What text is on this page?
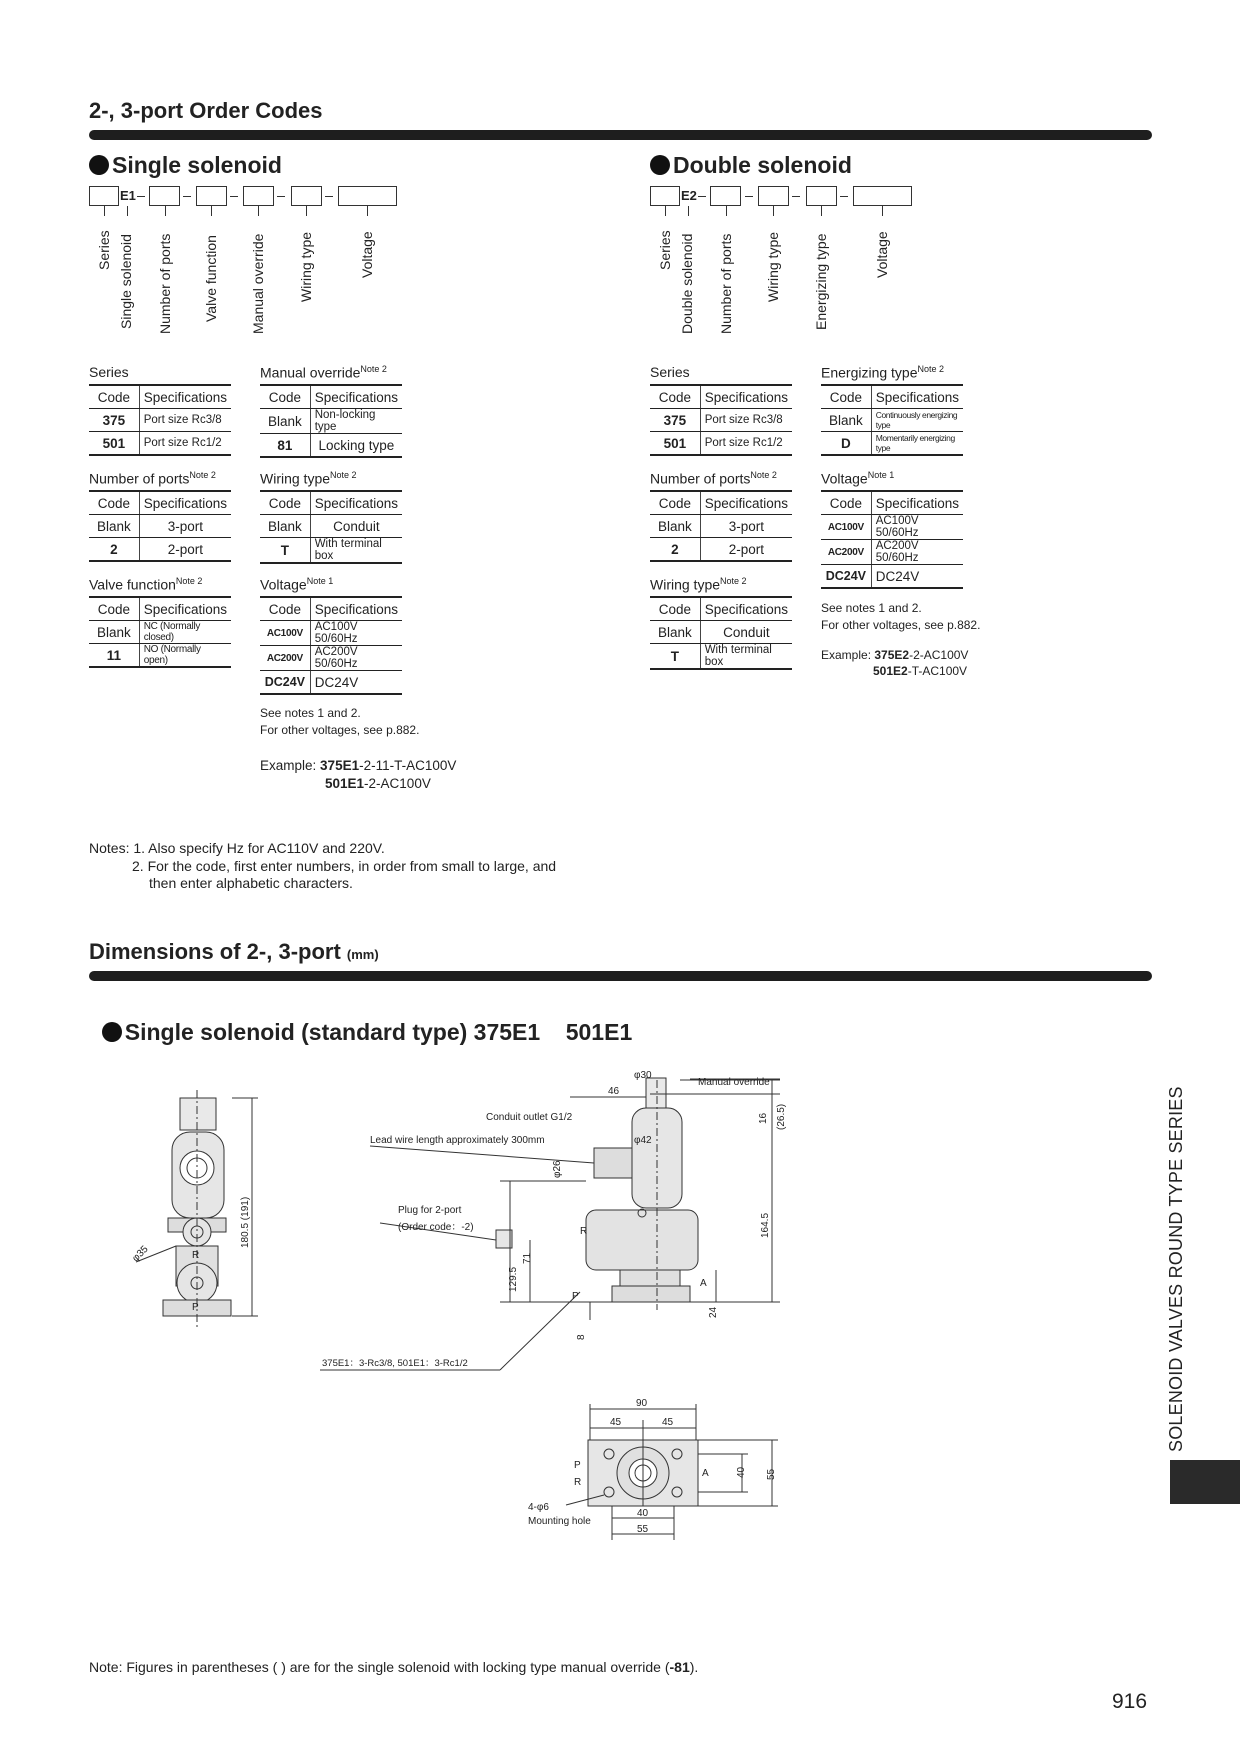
2-, 3-port Order Codes
Single solenoid
E1
Series Single solenoid Number of ports Valve function Manual override Wiring type	Voltage
Series
Code	Specifications
375	Port size Rc3/8
501	Port size Rc1/2
Number of ports$^{Note 2}$
Code	Specifications
Blank	3-port
2	2-port
Valve function$^{Note 2}$
Code	Specifications
Blank	NC (Normally closed)
11	NO (Normally open)
Manual override$^{Note 2}$
Code	Specifications
Blank	Non-locking type
81	Locking type
Wiring type$^{Note 2}$
Code	Specifications
Blank	Conduit
T	With terminal box
Voltage$^{Note 1}$
Code	Specifications
AC100V	AC100V 50/60Hz
AC200V	AC200V 50/60Hz
DC24V	DC24V
See notes 1 and 2.
For other voltages, see p.882.
Example: 375E1-2-11-T-AC100V
501E1-2-AC100V
Double solenoid
E2
Series Double solenoid Number of ports Wiring type Energizing type	Voltage
Series
Code	Specifications
375	Port size Rc3/8
501	Port size Rc1/2
Number of ports$^{Note 2}$
Code	Specifications
Blank	3-port
2	2-port
Wiring type$^{Note 2}$
Code	Specifications
Blank	Conduit
T	With terminal box
Energizing type$^{Note 2}$
Code	Specifications
Blank	Continuously energizing type
D	Momentarily energizing type
Voltage$^{Note 1}$
Code	Specifications
AC100V	AC100V 50/60Hz
AC200V	AC200V 50/60Hz
DC24V	DC24V
See notes 1 and 2.
For other voltages, see p.882.
Example: 375E2-2-AC100V
501E2-T-AC100V
Notes: 1. Also specify Hz for AC110V and 220V.
2. For the code, first enter numbers, in order from small to large, and
then enter alphabetic characters.
Dimensions of 2-, 3-port (mm)

Single solenoid (standard type) 375E1    501E1

180.5 (191)
φ35
φ30
46
Manual override
Conduit outlet G1/2
Lead wire length approximately 300mm	φ42
16 (26.5)
φ26
Plug for 2-port
(Order code：-2)	164.5
129.5
71
24
8
375E1：3-Rc3/8, 501E1：3-Rc1/2
R
P
A
R
P
90
45	45
40
55
40 55
4-φ6
Mounting hole
P
R
A
Note: Figures in parentheses ( ) are for the single solenoid with locking type manual override (-81).
SOLENOID VALVES ROUND TYPE SERIES
916
